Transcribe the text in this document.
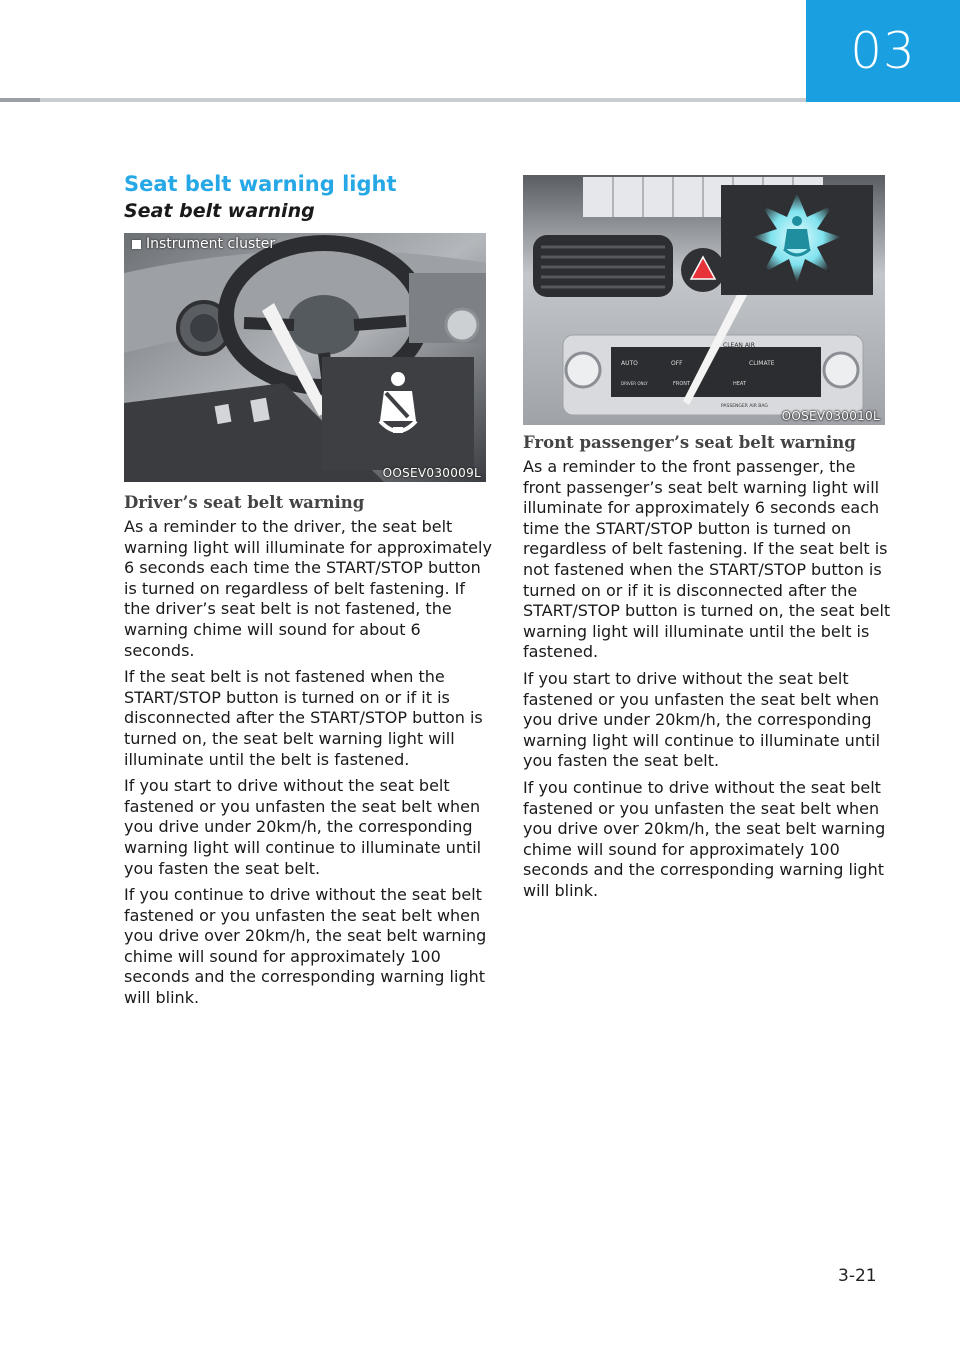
03
Seat belt warning light
Seat belt warning
Instrument cluster
OOSEV030009L
CLEAN AIR
AUTO	OFF	CLIMATE
DRIVER ONLY	FRONT	HEAT
PASSENGER AIR BAG
OOSEV030010L
Driver’s seat belt warning

As a reminder to the driver, the seat belt warning light will illuminate for approximately 6 seconds each time the START/STOP button is turned on regardless of belt fastening. If the driver’s seat belt is not fastened, the warning chime will sound for about 6 seconds.

If the seat belt is not fastened when the START/STOP button is turned on or if it is disconnected after the START/STOP button is turned on, the seat belt warning light will illuminate until the belt is fastened.

If you start to drive without the seat belt fastened or you unfasten the seat belt when you drive under 20km/h, the corresponding warning light will continue to illuminate until you fasten the seat belt.

If you continue to drive without the seat belt fastened or you unfasten the seat belt when you drive over 20km/h, the seat belt warning chime will sound for approximately 100 seconds and the corresponding warning light will blink.

Front passenger’s seat belt warning

As a reminder to the front passenger, the front passenger’s seat belt warning light will illuminate for approximately 6 seconds each time the START/STOP button is turned on regardless of belt fastening. If the seat belt is not fastened when the START/STOP button is turned on or if it is disconnected after the START/STOP button is turned on, the seat belt warning light will illuminate until the belt is fastened.

If you start to drive without the seat belt fastened or you unfasten the seat belt when you drive under 20km/h, the corresponding warning light will continue to illuminate until you fasten the seat belt.

If you continue to drive without the seat belt fastened or you unfasten the seat belt when you drive over 20km/h, the seat belt warning chime will sound for approximately 100 seconds and the corresponding warning light will blink.

3-21
